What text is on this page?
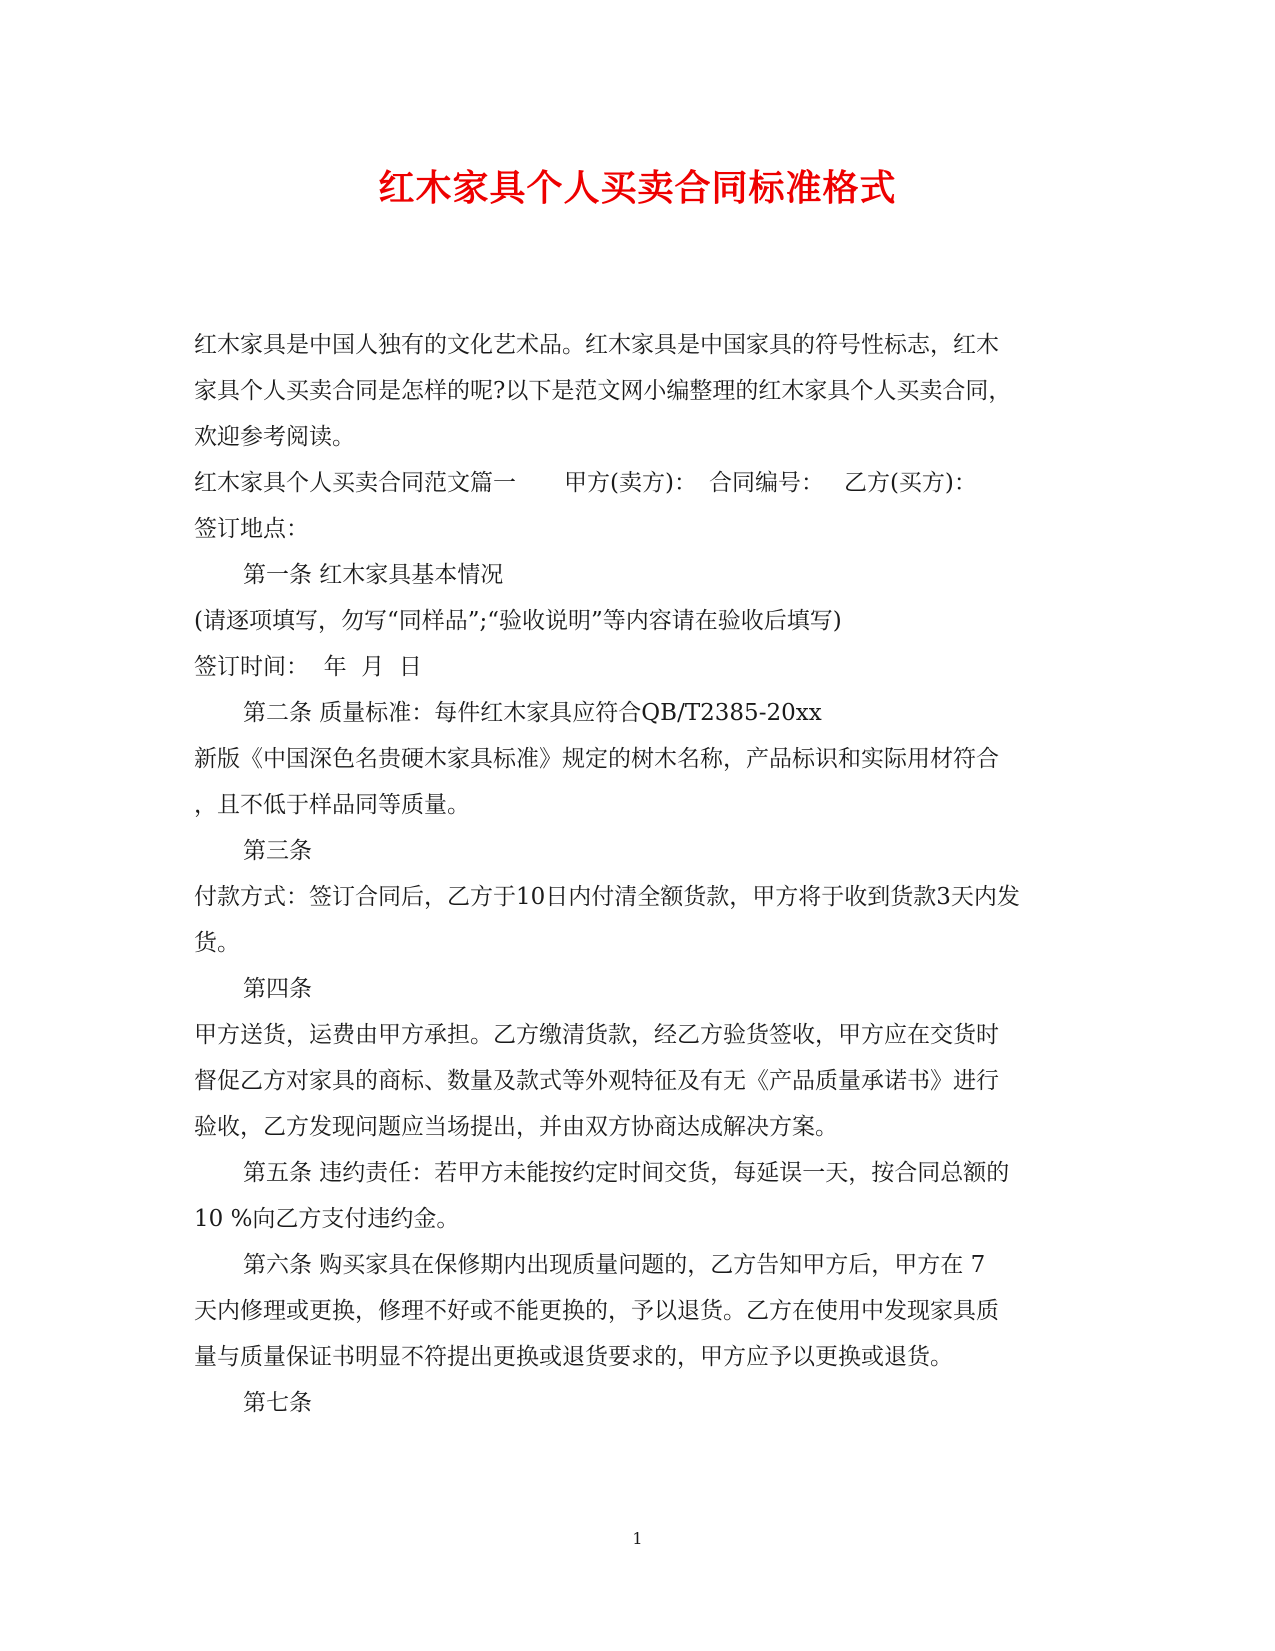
红木家具个人买卖合同标准格式
红木家具是中国人独有的文化艺术品。红木家具是中国家具的符号性标志，红木
家具个人买卖合同是怎样的呢?以下是范文网小编整理的红木家具个人买卖合同，
欢迎参考阅读。
红木家具个人买卖合同范文篇一 甲方(卖方)： 合同编号： 乙方(买方)：
签订地点：
第一条 红木家具基本情况
(请逐项填写，勿写“同样品”;“验收说明”等内容请在验收后填写)
签订时间：  年  月  日
第二条 质量标准：每件红木家具应符合QB/T2385-20xx
新版《中国深色名贵硬木家具标准》规定的树木名称，产品标识和实际用材符合
，且不低于样品同等质量。
第三条
付款方式：签订合同后，乙方于10日内付清全额货款，甲方将于收到货款3天内发
货。
第四条
甲方送货，运费由甲方承担。乙方缴清货款，经乙方验货签收，甲方应在交货时
督促乙方对家具的商标、数量及款式等外观特征及有无《产品质量承诺书》进行
验收，乙方发现问题应当场提出，并由双方协商达成解决方案。
第五条 违约责任：若甲方未能按约定时间交货，每延误一天，按合同总额的
10 %向乙方支付违约金。
第六条 购买家具在保修期内出现质量问题的，乙方告知甲方后，甲方在 7
天内修理或更换，修理不好或不能更换的，予以退货。乙方在使用中发现家具质
量与质量保证书明显不符提出更换或退货要求的，甲方应予以更换或退货。
第七条
1
